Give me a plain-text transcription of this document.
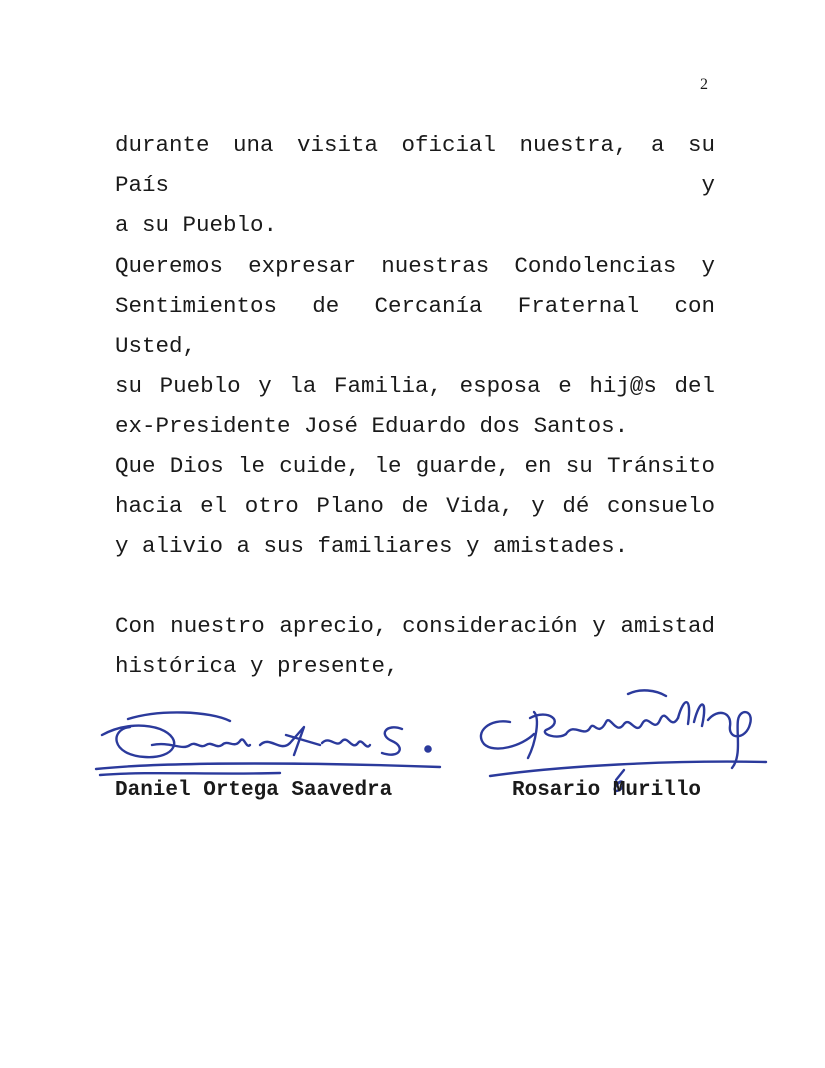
2
durante una visita oficial nuestra, a su País y
a su Pueblo.
Queremos expresar nuestras Condolencias y
Sentimientos de Cercanía Fraternal con Usted,
su Pueblo y la Familia, esposa e hij@s del
ex-Presidente José Eduardo dos Santos.
Que Dios le cuide, le guarde, en su Tránsito
hacia el otro Plano de Vida, y dé consuelo
y alivio a sus familiares y amistades.
Con nuestro aprecio, consideración y amistad
histórica y presente,
Daniel Ortega Saavedra	Rosario Murillo
